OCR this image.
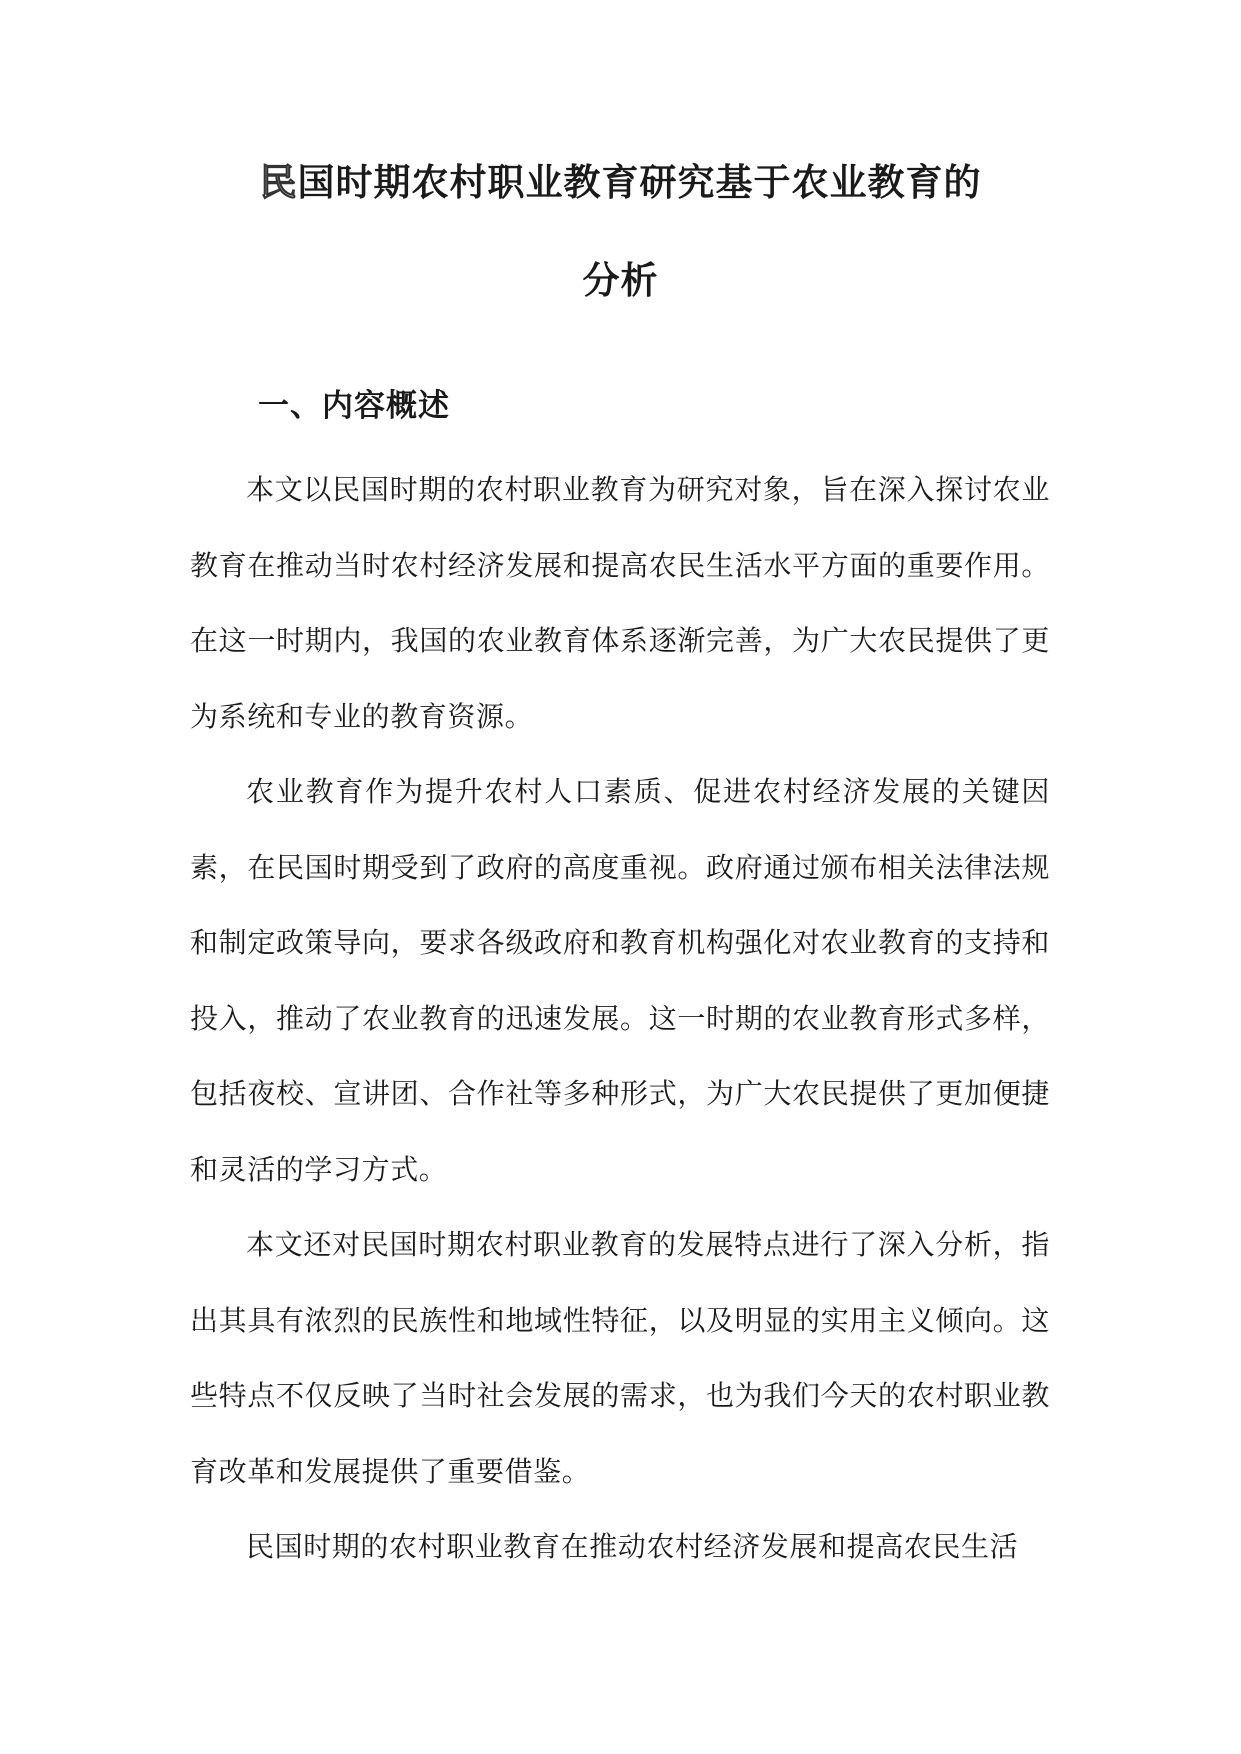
民国时期农村职业教育研究基于农业教育的
分析
一、内容概述

本文以民国时期的农村职业教育为研究对象，旨在深入探讨农业教育在推动当时农村经济发展和提高农民生活水平方面的重要作用。在这一时期内，我国的农业教育体系逐渐完善，为广大农民提供了更为系统和专业的教育资源。

农业教育作为提升农村人口素质、促进农村经济发展的关键因素，在民国时期受到了政府的高度重视。政府通过颁布相关法律法规和制定政策导向，要求各级政府和教育机构强化对农业教育的支持和投入，推动了农业教育的迅速发展。这一时期的农业教育形式多样，包括夜校、宣讲团、合作社等多种形式，为广大农民提供了更加便捷和灵活的学习方式。

本文还对民国时期农村职业教育的发展特点进行了深入分析，指出其具有浓烈的民族性和地域性特征，以及明显的实用主义倾向。这些特点不仅反映了当时社会发展的需求，也为我们今天的农村职业教育改革和发展提供了重要借鉴。

民国时期的农村职业教育在推动农村经济发展和提高农民生活
